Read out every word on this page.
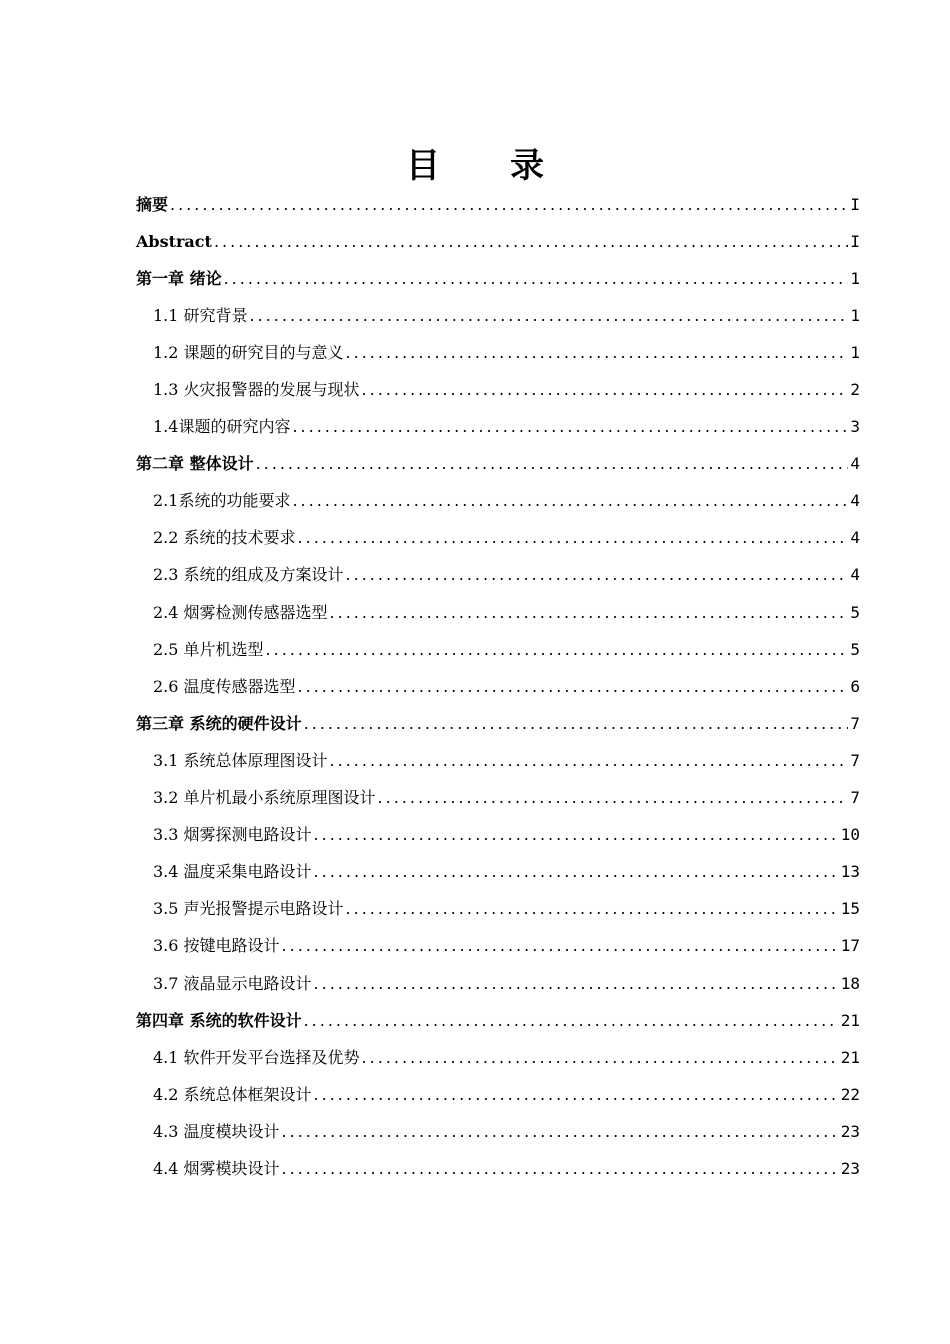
目 录
摘要 .....	I
Abstract .....	I
第一章 绪论 .....	1
1.1 研究背景 .....	1
1.2 课题的研究目的与意义 .....	1
1.3 火灾报警器的发展与现状 .....	2
1.4课题的研究内容 .....	3
第二章 整体设计 .....	4
2.1系统的功能要求 .....	4
2.2 系统的技术要求 .....	4
2.3 系统的组成及方案设计 .....	4
2.4 烟雾检测传感器选型 .....	5
2.5 单片机选型 .....	5
2.6 温度传感器选型 .....	6
第三章 系统的硬件设计 .....	7
3.1 系统总体原理图设计 .....	7
3.2 单片机最小系统原理图设计 .....	7
3.3 烟雾探测电路设计 .....	10
3.4 温度采集电路设计 .....	13
3.5 声光报警提示电路设计 .....	15
3.6 按键电路设计 .....	17
3.7 液晶显示电路设计 .....	18
第四章 系统的软件设计 .....	21
4.1 软件开发平台选择及优势 .....	21
4.2 系统总体框架设计 .....	22
4.3 温度模块设计 .....	23
4.4 烟雾模块设计 .....	23
